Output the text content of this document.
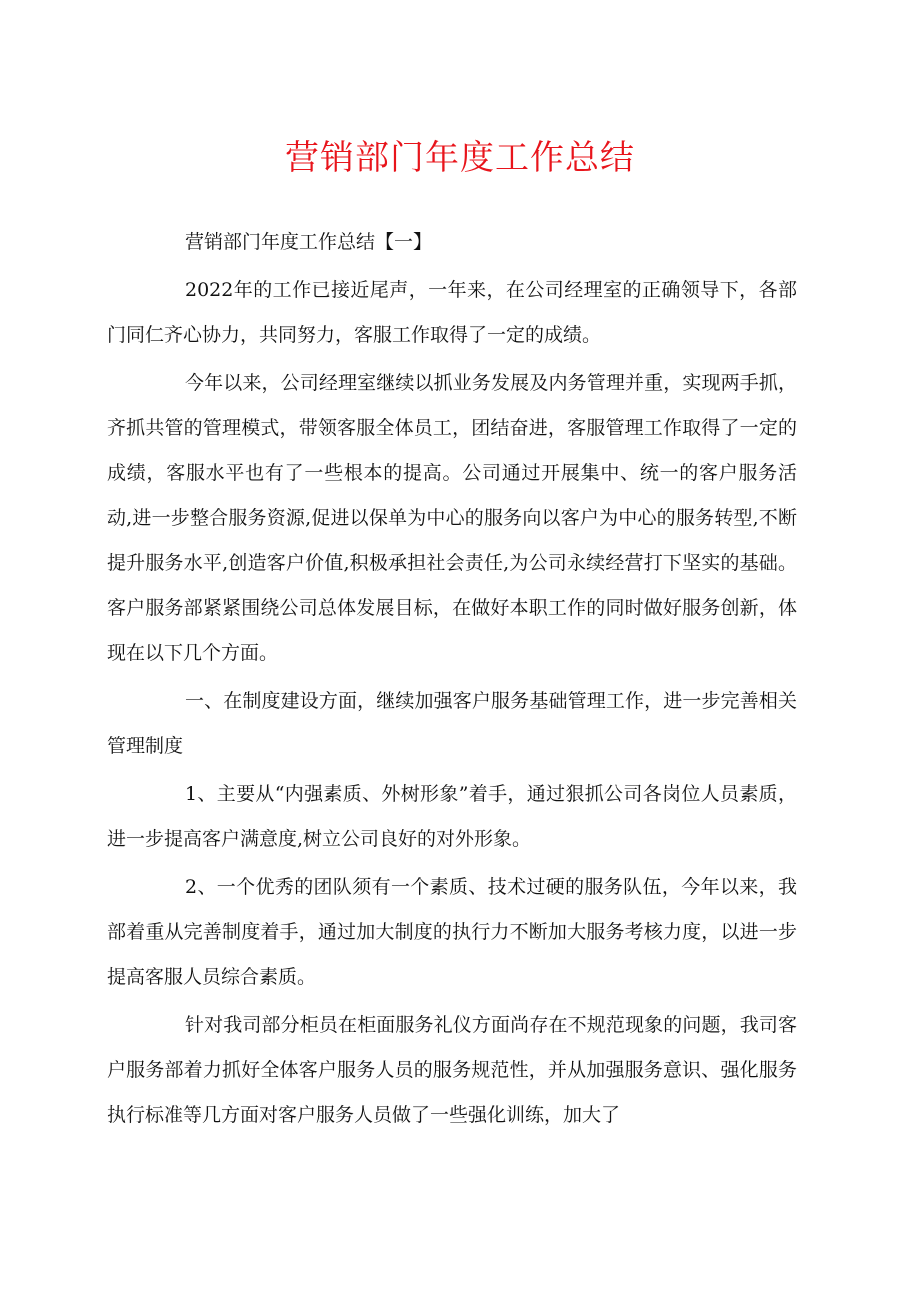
营销部门年度工作总结

营销部门年度工作总结【一】

2022年的工作已接近尾声，一年来，在公司经理室的正确领导下，各部门同仁齐心协力，共同努力，客服工作取得了一定的成绩。

今年以来，公司经理室继续以抓业务发展及内务管理并重，实现两手抓，齐抓共管的管理模式，带领客服全体员工，团结奋进，客服管理工作取得了一定的成绩，客服水平也有了一些根本的提高。公司通过开展集中、统一的客户服务活动,进一步整合服务资源,促进以保单为中心的服务向以客户为中心的服务转型,不断提升服务水平,创造客户价值,积极承担社会责任,为公司永续经营打下坚实的基础。客户服务部紧紧围绕公司总体发展目标，在做好本职工作的同时做好服务创新，体现在以下几个方面。

一、在制度建设方面，继续加强客户服务基础管理工作，进一步完善相关管理制度

1、主要从“内强素质、外树形象”着手，通过狠抓公司各岗位人员素质，进一步提高客户满意度,树立公司良好的对外形象。

2、一个优秀的团队须有一个素质、技术过硬的服务队伍，今年以来，我部着重从完善制度着手，通过加大制度的执行力不断加大服务考核力度，以进一步提高客服人员综合素质。

针对我司部分柜员在柜面服务礼仪方面尚存在不规范现象的问题，我司客户服务部着力抓好全体客户服务人员的服务规范性，并从加强服务意识、强化服务执行标准等几方面对客户服务人员做了一些强化训练，加大了
